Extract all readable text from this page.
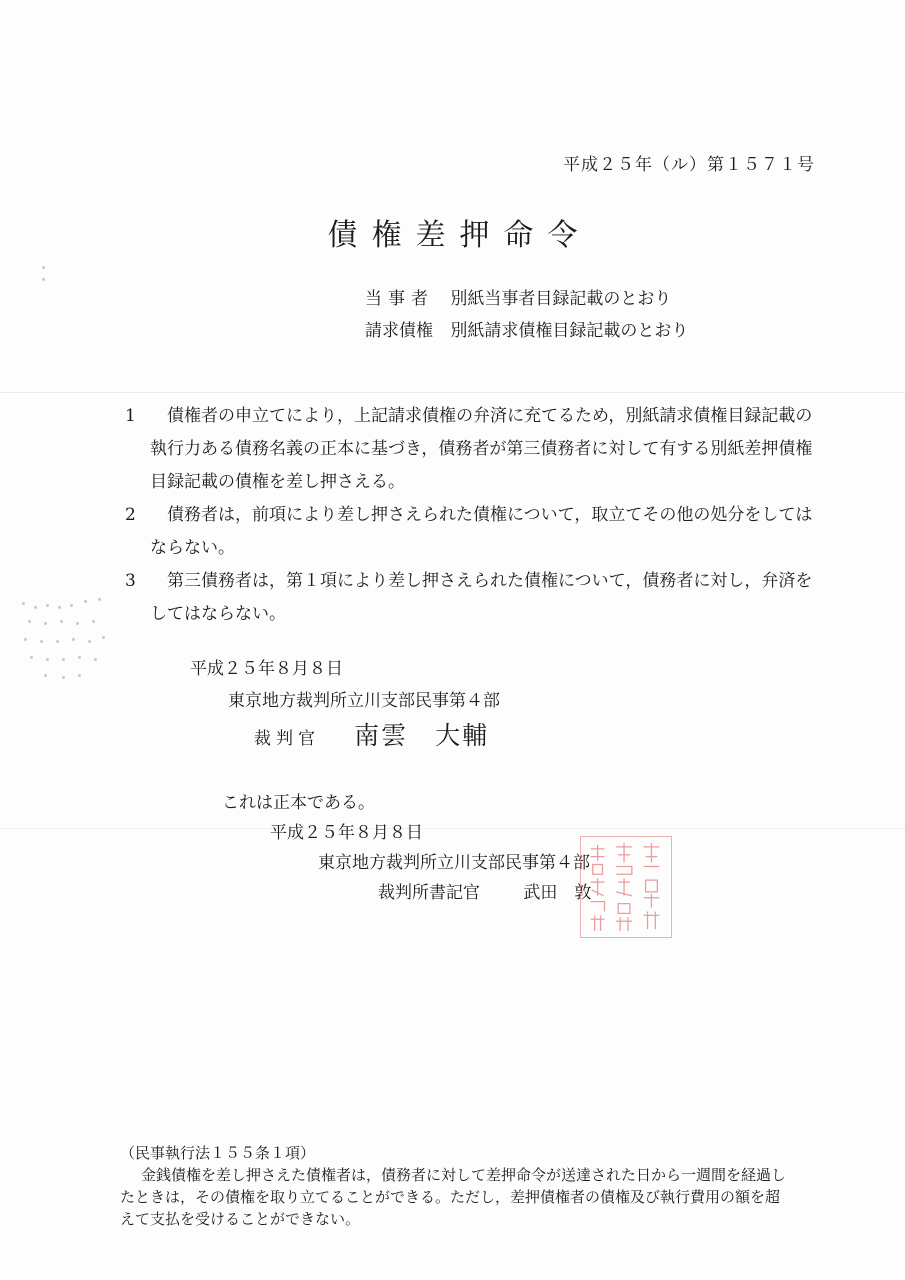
平成２５年（ル）第１５７１号
債権差押命令
当事者 別紙当事者目録記載のとおり
請求債権 別紙請求債権目録記載のとおり
1	債権者の申立てにより，上記請求債権の弁済に充てるため，別紙請求債権目録記載の執行力ある債務名義の正本に基づき，債務者が第三債務者に対して有する別紙差押債権目録記載の債権を差し押さえる。
2	債務者は，前項により差し押さえられた債権について，取立てその他の処分をしてはならない。
3	第三債務者は，第１項により差し押さえられた債権について，債務者に対し，弁済をしてはならない。
平成２５年８月８日
東京地方裁判所立川支部民事第４部
裁判官 南雲　大輔
これは正本である。
平成２５年８月８日
東京地方裁判所立川支部民事第４部
裁判所書記官	武田　敦
（民事執行法１５５条１項）
金銭債権を差し押さえた債権者は，債務者に対して差押命令が送達された日から一週間を経過したときは，その債権を取り立てることができる。ただし，差押債権者の債権及び執行費用の額を超えて支払を受けることができない。
